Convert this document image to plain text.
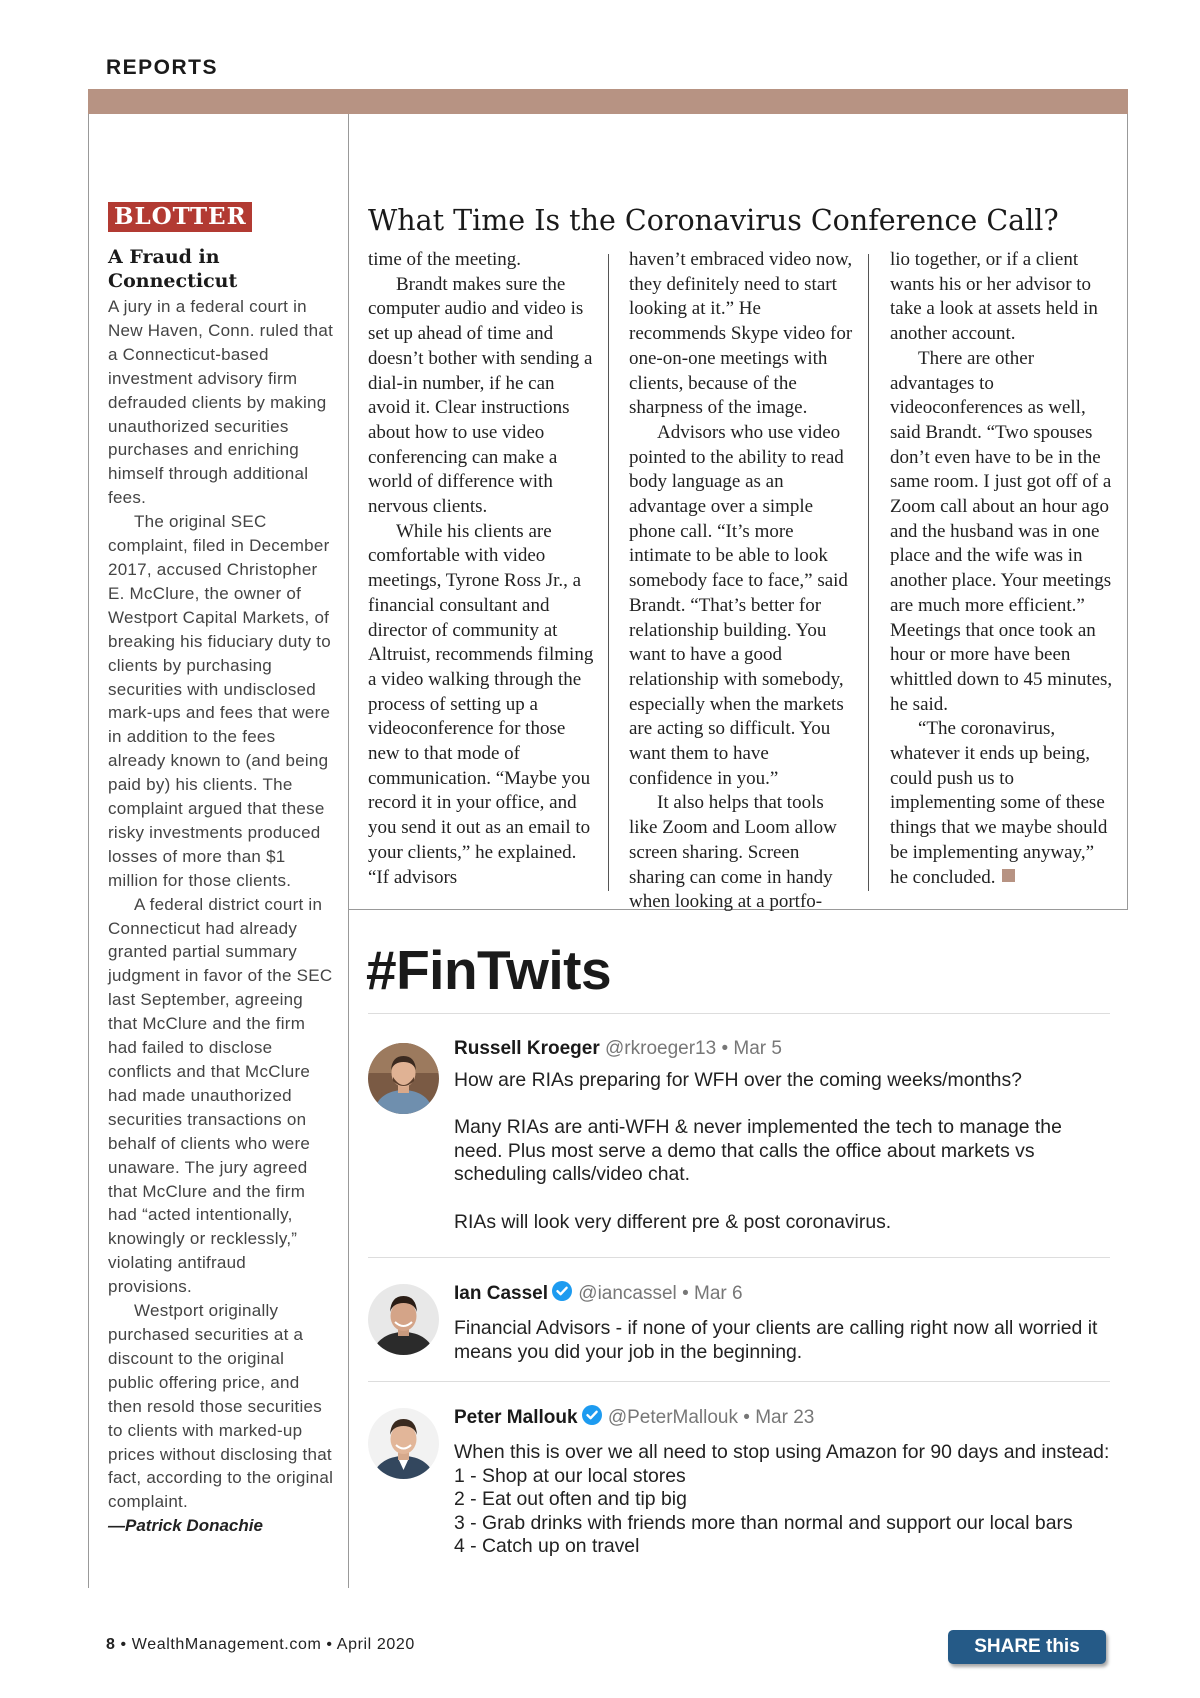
REPORTS
BLOTTER
A Fraud in Connecticut

A jury in a federal court in New Haven, Conn. ruled that a Connecticut-based investment advisory firm defrauded clients by making unauthorized securities purchases and enriching himself through additional fees.

The original SEC complaint, filed in December 2017, accused Christopher E. McClure, the owner of Westport Capital Markets, of breaking his fiduciary duty to clients by purchasing securities with undisclosed mark-ups and fees that were in addition to the fees already known to (and being paid by) his clients. The complaint argued that these risky investments produced losses of more than $1 million for those clients.

A federal district court in Connecticut had already granted partial summary judgment in favor of the SEC last September, agreeing that McClure and the firm had failed to disclose conflicts and that McClure had made unauthorized securities transactions on behalf of clients who were unaware. The jury agreed that McClure and the firm had “acted intentionally, knowingly or recklessly,” violating antifraud provisions.

Westport originally purchased securities at a discount to the original public offering price, and then resold those securities to clients with marked-up prices without disclosing that fact, according to the original complaint.

—Patrick Donachie
What Time Is the Coronavirus Conference Call?

time of the meeting.

Brandt makes sure the computer audio and video is set up ahead of time and doesn’t bother with sending a dial-in number, if he can avoid it. Clear instructions about how to use video conferencing can make a world of difference with nervous clients.

While his clients are comfortable with video meetings, Tyrone Ross Jr., a financial consultant and director of community at Altruist, recommends filming a video walking through the process of setting up a videoconference for those new to that mode of communication. “Maybe you record it in your office, and you send it out as an email to your clients,” he explained. “If advisors

haven’t embraced video now, they definitely need to start looking at it.” He recommends Skype video for one-on-one meetings with clients, because of the sharpness of the image.

Advisors who use video pointed to the ability to read body language as an advantage over a simple phone call. “It’s more intimate to be able to look somebody face to face,” said Brandt. “That’s better for relationship building. You want to have a good relationship with somebody, especially when the markets are acting so difficult. You want them to have confidence in you.”

It also helps that tools like Zoom and Loom allow screen sharing. Screen sharing can come in handy when looking at a portfo-

lio together, or if a client wants his or her advisor to take a look at assets held in another account.

There are other advantages to videoconferences as well, said Brandt. “Two spouses don’t even have to be in the same room. I just got off of a Zoom call about an hour ago and the husband was in one place and the wife was in another place. Your meetings are much more efficient.” Meetings that once took an hour or more have been whittled down to 45 minutes, he said.

“The coronavirus, whatever it ends up being, could push us to implementing some of these things that we maybe should be implementing anyway,” he concluded.

#FinTwits
Russell Kroeger @rkroeger13 • Mar 5

How are RIAs preparing for WFH over the coming weeks/months?

Many RIAs are anti-WFH & never implemented the tech to manage the need. Plus most serve a demo that calls the office about markets vs scheduling calls/video chat.

RIAs will look very different pre & post coronavirus.

Ian Cassel @iancassel • Mar 6

Financial Advisors - if none of your clients are calling right now all worried it means you did your job in the beginning.

Peter Mallouk @PeterMallouk • Mar 23

When this is over we all need to stop using Amazon for 90 days and instead:

1 - Shop at our local stores

2 - Eat out often and tip big

3 - Grab drinks with friends more than normal and support our local bars

4 - Catch up on travel

8 • WealthManagement.com • April 2020	SHARE this article
